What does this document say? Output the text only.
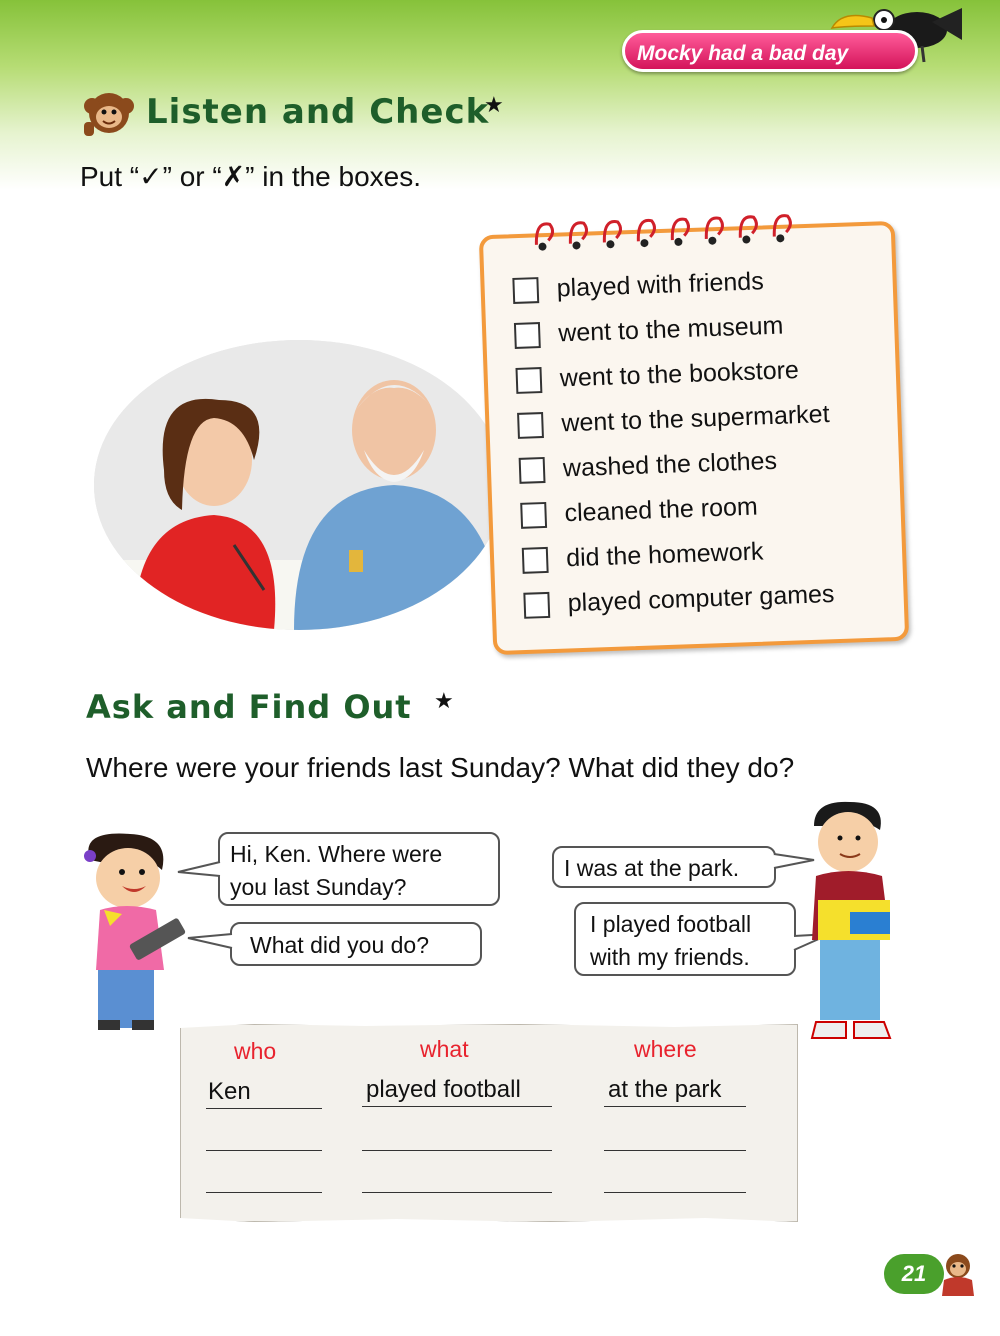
Mocky had a bad day
Listen and Check
★
Put “✓” or “✗” in the boxes.
played with friends
went to the museum
went to the bookstore
went to the supermarket
washed the clothes
cleaned the room
did the homework
played computer games
Ask and Find Out ★
Where were your friends last Sunday? What did they do?
Hi, Ken. Where were
you last Sunday?
What did you do?
I was at the park.
I played football
with my friends.
who	what	where
Ken	played football	at the park
21
